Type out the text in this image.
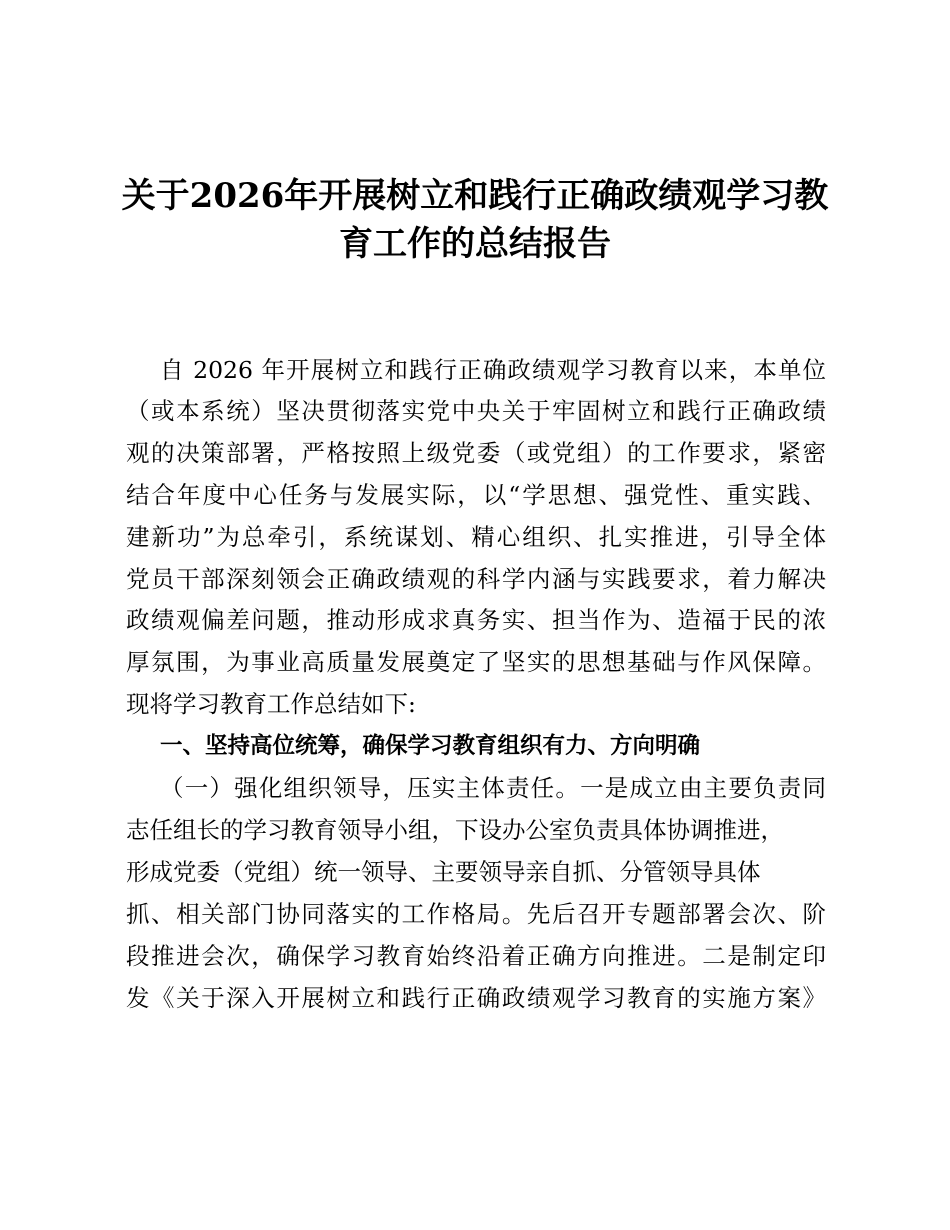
关于2026年开展树立和践行正确政绩观学习教
育工作的总结报告

自 2026 年开展树立和践行正确政绩观学习教育以来，本单位

（或本系统）坚决贯彻落实党中央关于牢固树立和践行正确政绩

观的决策部署，严格按照上级党委（或党组）的工作要求，紧密

结合年度中心任务与发展实际，以“学思想、强党性、重实践、

建新功”为总牵引，系统谋划、精心组织、扎实推进，引导全体

党员干部深刻领会正确政绩观的科学内涵与实践要求，着力解决

政绩观偏差问题，推动形成求真务实、担当作为、造福于民的浓

厚氛围，为事业高质量发展奠定了坚实的思想基础与作风保障。

现将学习教育工作总结如下:

一、坚持高位统筹，确保学习教育组织有力、方向明确

（一）强化组织领导，压实主体责任。一是成立由主要负责同

志任组长的学习教育领导小组，下设办公室负责具体协调推进，

形成党委（党组）统一领导、主要领导亲自抓、分管领导具体

抓、相关部门协同落实的工作格局。先后召开专题部署会次、阶

段推进会次，确保学习教育始终沿着正确方向推进。二是制定印

发《关于深入开展树立和践行正确政绩观学习教育的实施方案》
